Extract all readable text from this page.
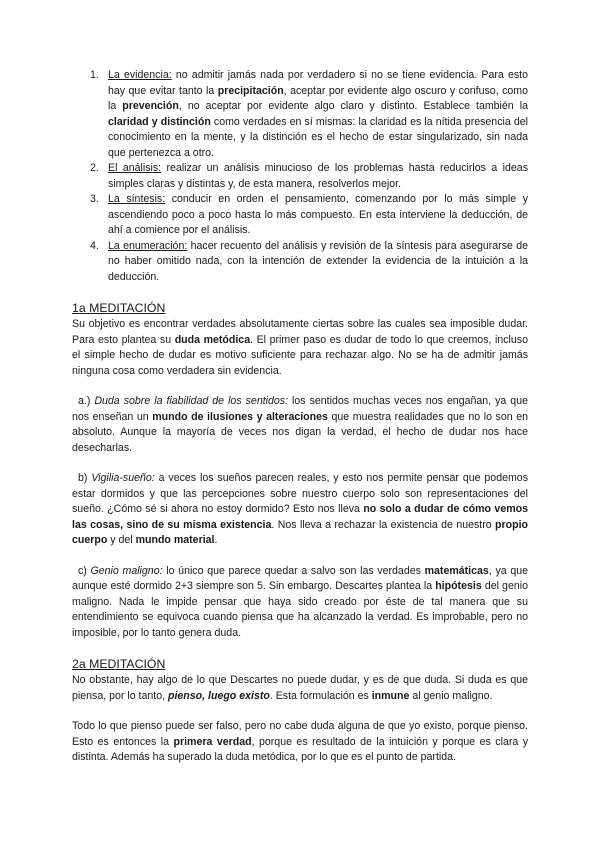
1. La evidencia: no admitir jamás nada por verdadero si no se tiene evidencia. Para esto hay que evitar tanto la precipitación, aceptar por evidente algo oscuro y confuso, como la prevención, no aceptar por evidente algo claro y distinto. Establece también la claridad y distinción como verdades en sí mismas: la claridad es la nítida presencia del conocimiento en la mente, y la distinción es el hecho de estar singularizado, sin nada que pertenezca a otro.
2. El análisis: realizar un análisis minucioso de los problemas hasta reducirlos a ideas simples claras y distintas y, de esta manera, resolverlos mejor.
3. La síntesis: conducir en orden el pensamiento, comenzando por lo más simple y ascendiendo poco a poco hasta lo más compuesto. En esta interviene la deducción, de ahí a comience por el análisis.
4. La enumeración: hacer recuento del análisis y revisión de la síntesis para asegurarse de no haber omitido nada, con la intención de extender la evidencia de la intuición a la deducción.
1a MEDITACIÓN

Su objetivo es encontrar verdades absolutamente ciertas sobre las cuales sea imposible dudar. Para esto plantea su duda metódica. El primer paso es dudar de todo lo que creemos, incluso el simple hecho de dudar es motivo suficiente para rechazar algo. No se ha de admitir jamás ninguna cosa como verdadera sin evidencia.

a.) Duda sobre la fiabilidad de los sentidos: los sentidos muchas veces nos engañan, ya que nos enseñan un mundo de ilusiones y alteraciones que muestra realidades que no lo son en absoluto. Aunque la mayoría de veces nos digan la verdad, el hecho de dudar nos hace desecharlas.

b) Vigilia-sueño: a veces los sueños parecen reales, y esto nos permite pensar que podemos estar dormidos y que las percepciones sobre nuestro cuerpo solo son representaciones del sueño. ¿Cómo sé si ahora no estoy dormido? Esto nos lleva no solo a dudar de cómo vemos las cosas, sino de su misma existencia. Nos lleva a rechazar la existencia de nuestro propio cuerpo y del mundo material.

c) Genio maligno: lo único que parece quedar a salvo son las verdades matemáticas, ya que aunque esté dormido 2+3 siempre son 5. Sin embargo. Descartes plantea la hipótesis del genio maligno. Nada le impide pensar que haya sido creado por éste de tal manera que su entendimiento se equivoca cuando piensa que ha alcanzado la verdad. Es improbable, pero no imposible, por lo tanto genera duda.

2a MEDITACIÓN

No obstante, hay algo de lo que Descartes no puede dudar, y es de que duda. Si duda es que piensa, por lo tanto, pienso, luego existo. Esta formulación es inmune al genio maligno.

Todo lo que pienso puede ser falso, pero no cabe duda alguna de que yo existo, porque pienso. Esto es entonces la primera verdad, porque es resultado de la intuición y porque es clara y distinta. Además ha superado la duda metódica, por lo que es el punto de partida.
